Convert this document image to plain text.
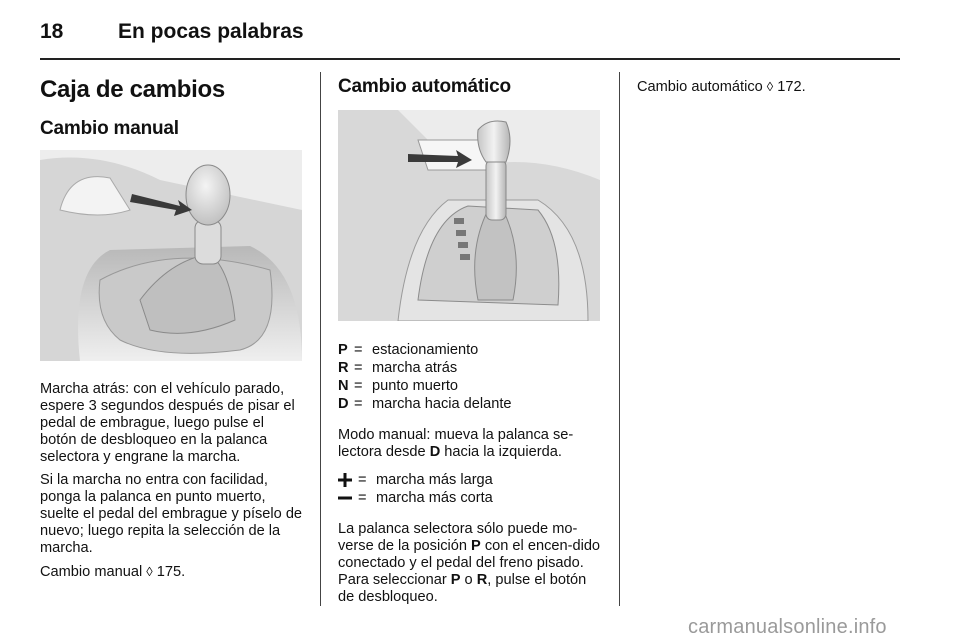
18	En pocas palabras
Caja de cambios
Cambio manual

Marcha atrás: con el vehículo parado, espere 3 segundos después de pisar el pedal de embrague, luego pulse el botón de desbloqueo en la palanca selectora y engrane la marcha.

Si la marcha no entra con facilidad, ponga la palanca en punto muerto, suelte el pedal del embrague y píselo de nuevo; luego repita la selección de la marcha.

Cambio manual ◊ 175.

Cambio automático
P = estacionamiento
R = marcha atrás
N = punto muerto
D = marcha hacia delante

Modo manual: mueva la palanca se-lectora desde D hacia la izquierda.

= marcha más larga
= marcha más corta

La palanca selectora sólo puede mo-verse de la posición P con el encen-dido conectado y el pedal del freno pisado. Para seleccionar P o R, pulse el botón de desbloqueo.

Cambio automático ◊ 172.

carmanualsonline.info
